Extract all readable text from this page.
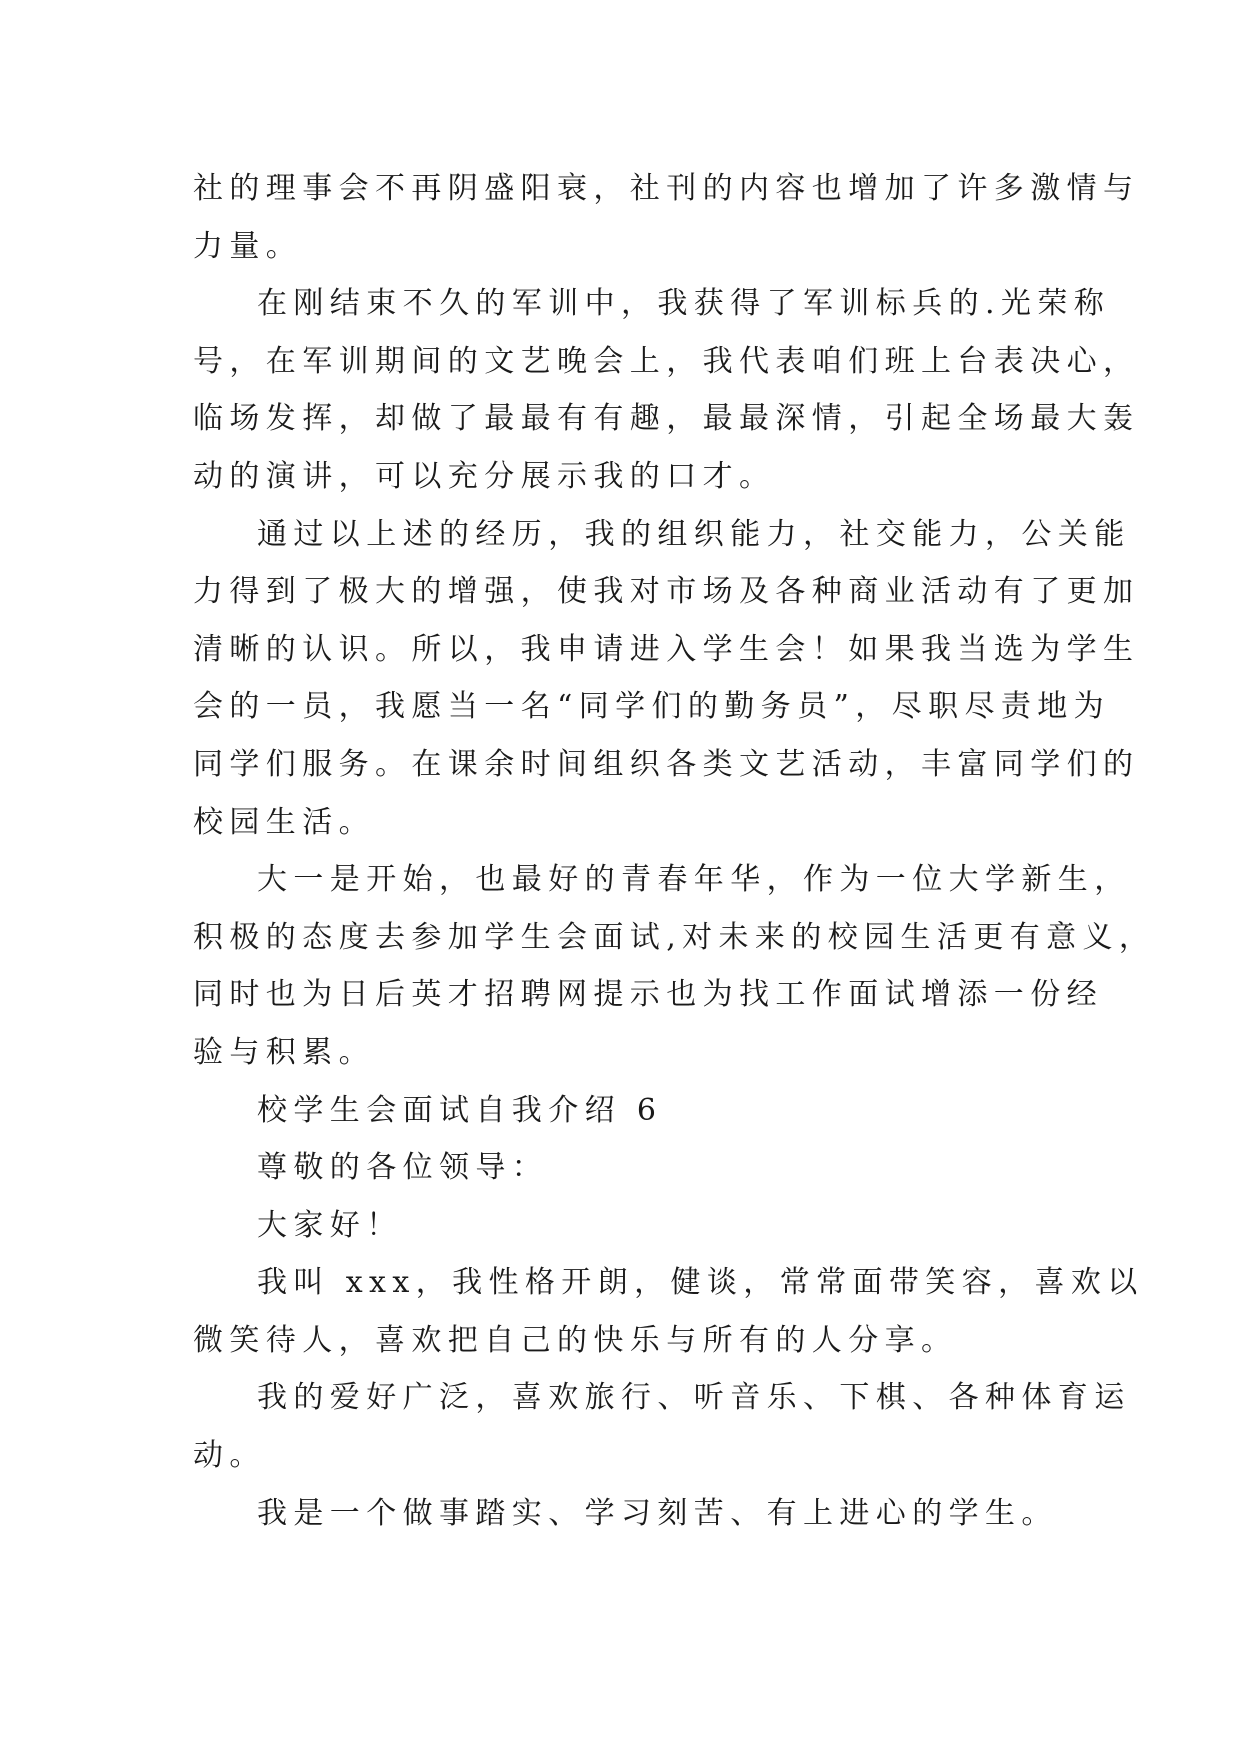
社的理事会不再阴盛阳衰，社刊的内容也增加了许多激情与
力量。
在刚结束不久的军训中，我获得了军训标兵的.光荣称
号，在军训期间的文艺晚会上，我代表咱们班上台表决心，
临场发挥，却做了最最有有趣，最最深情，引起全场最大轰
动的演讲，可以充分展示我的口才。
通过以上述的经历，我的组织能力，社交能力，公关能
力得到了极大的增强，使我对市场及各种商业活动有了更加
清晰的认识。所以，我申请进入学生会！如果我当选为学生
会的一员，我愿当一名“同学们的勤务员”，尽职尽责地为
同学们服务。在课余时间组织各类文艺活动，丰富同学们的
校园生活。
大一是开始，也最好的青春年华，作为一位大学新生，
积极的态度去参加学生会面试,对未来的校园生活更有意义，
同时也为日后英才招聘网提示也为找工作面试增添一份经
验与积累。
校学生会面试自我介绍 6
尊敬的各位领导：
大家好！
我叫 xxx，我性格开朗，健谈，常常面带笑容，喜欢以
微笑待人，喜欢把自己的快乐与所有的人分享。
我的爱好广泛，喜欢旅行、听音乐、下棋、各种体育运
动。
我是一个做事踏实、学习刻苦、有上进心的学生。
